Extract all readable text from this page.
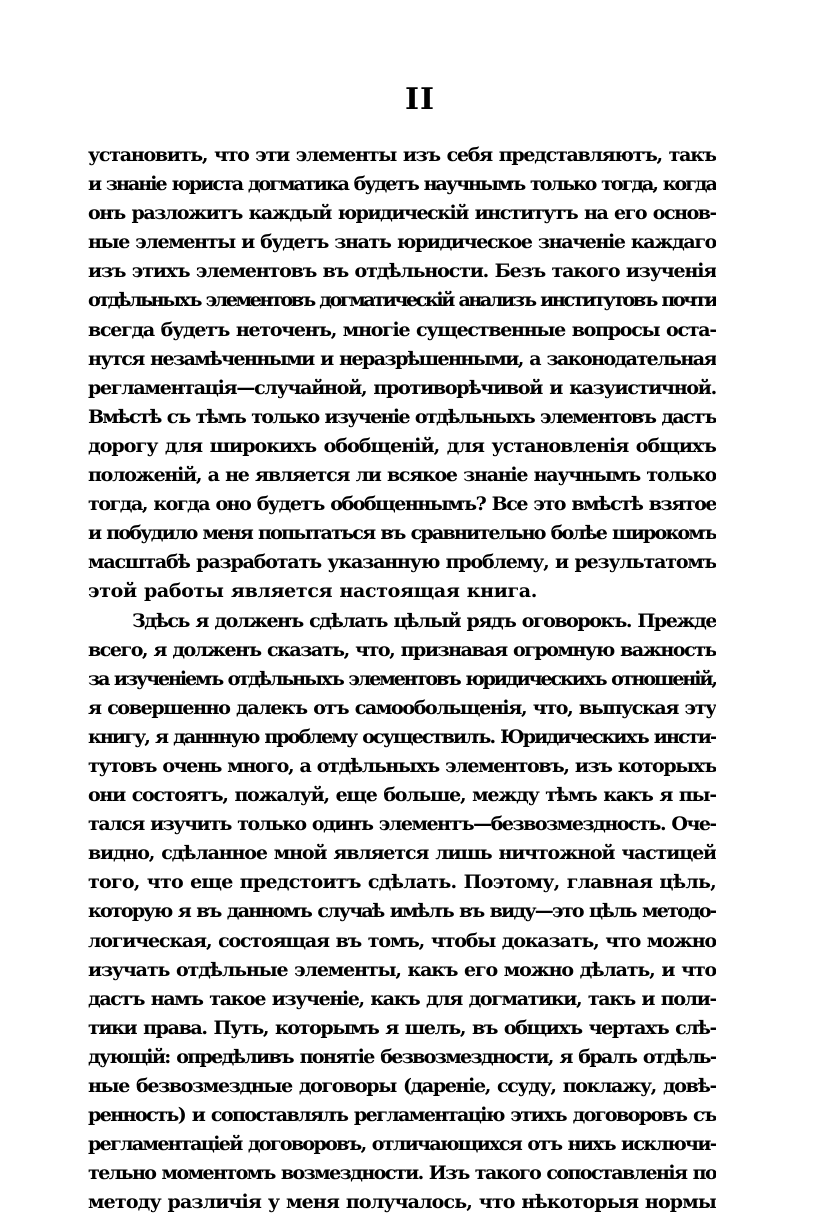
II
установить, что эти элементы изъ себя представляютъ, такъ
и знаніе юриста догматика будетъ научнымъ только тогда, когда
онъ разложитъ каждый юридическій институтъ на его основ-
ные элементы и будетъ знать юридическое значеніе каждаго
изъ этихъ элементовъ въ отдѣльности. Безъ такого изученія
отдѣльныхъ элементовъ догматическій анализъ институтовъ почти
всегда будетъ неточенъ, многіе существенные вопросы оста-
нутся незамѣченными и неразрѣшенными, а законодательная
регламентація—случайной, противорѣчивой и казуистичной.
Вмѣстѣ съ тѣмъ только изученіе отдѣльныхъ элементовъ дастъ
дорогу для широкихъ обобщеній, для установленія общихъ
положеній, а не является ли всякое знаніе научнымъ только
тогда, когда оно будетъ обобщеннымъ? Все это вмѣстѣ взятое
и побудило меня попытаться въ сравнительно болѣе широкомъ
масштабѣ разработать указанную проблему, и результатомъ
этой работы является настоящая книга.
Здѣсь я долженъ сдѣлать цѣлый рядъ оговорокъ. Прежде
всего, я долженъ сказать, что, признавая огромную важность
за изученіемъ отдѣльныхъ элементовъ юридическихъ отношеній,
я совершенно далекъ отъ самообольщенія, что, выпуская эту
книгу, я даннную проблему осуществилъ. Юридическихъ инсти-
тутовъ очень много, а отдѣльныхъ элементовъ, изъ которыхъ
они состоятъ, пожалуй, еще больше, между тѣмъ какъ я пы-
тался изучить только одинъ элементъ—безвозмездность. Оче-
видно, сдѣланное мной является лишь ничтожной частицей
того, что еще предстоитъ сдѣлать. Поэтому, главная цѣль,
которую я въ данномъ случаѣ имѣлъ въ виду—это цѣль методо-
логическая, состоящая въ томъ, чтобы доказать, что можно
изучать отдѣльные элементы, какъ его можно дѣлать, и что
дастъ намъ такое изученіе, какъ для догматики, такъ и поли-
тики права. Путь, которымъ я шелъ, въ общихъ чертахъ слѣ-
дующій: опредѣливъ понятіе безвозмездности, я бралъ отдѣль-
ные безвозмездные договоры (дареніе, ссуду, поклажу, довѣ-
ренность) и сопоставлялъ регламентацію этихъ договоровъ съ
регламентаціей договоровъ, отличающихся отъ нихъ исключи-
тельно моментомъ возмездности. Изъ такого сопоставленія по
методу различія у меня получалось, что нѣкоторыя нормы
